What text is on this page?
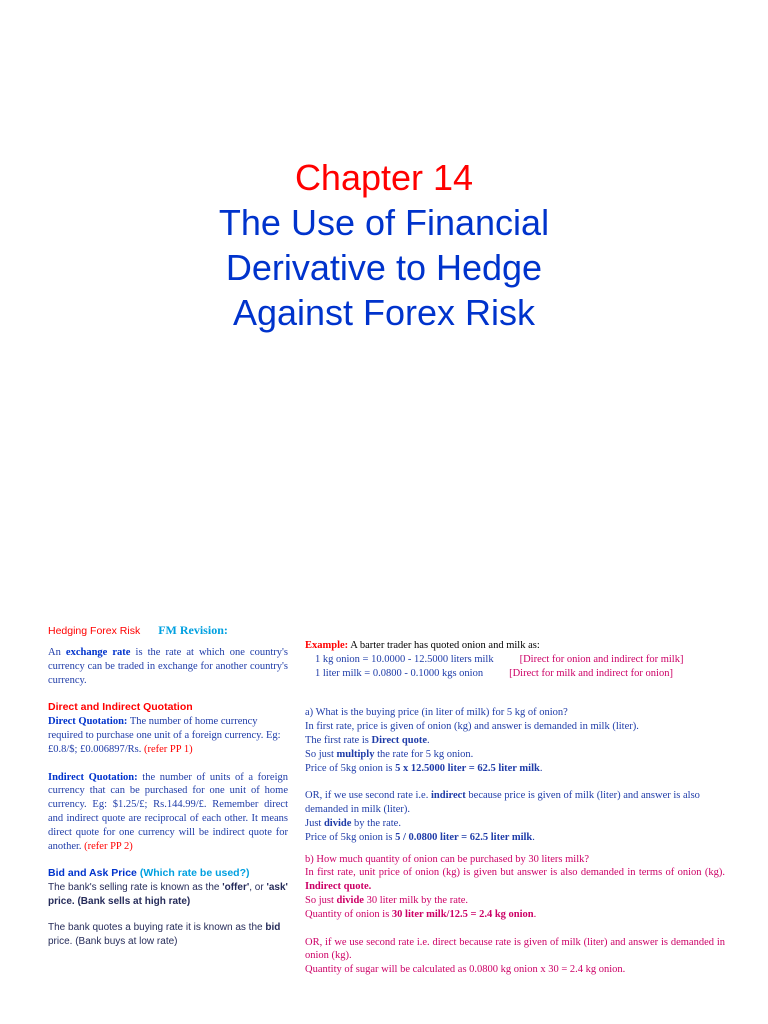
Chapter 14
The Use of Financial
Derivative to Hedge
Against Forex Risk
Hedging Forex Risk FM Revision:

An exchange rate is the rate at which one country's currency can be traded in exchange for another country's currency.

Direct and Indirect Quotation

Direct Quotation: The number of home currency required to purchase one unit of a foreign currency. Eg: £0.8/$; £0.006897/Rs. (refer PP 1)

Indirect Quotation: the number of units of a foreign currency that can be purchased for one unit of home currency. Eg: $1.25/£; Rs.144.99/£. Remember direct and indirect quote are reciprocal of each other. It means direct quote for one currency will be indirect quote for another. (refer PP 2)

Bid and Ask Price (Which rate be used?)

The bank's selling rate is known as the 'offer', or 'ask' price. (Bank sells at high rate)

The bank quotes a buying rate it is known as the bid price. (Bank buys at low rate)

Example: A barter trader has quoted onion and milk as:

1 kg onion = 10.0000 - 12.5000 liters milk [Direct for onion and indirect for milk]

1 liter milk = 0.0800 - 0.1000 kgs onion [Direct for milk and indirect for onion]

a) What is the buying price (in liter of milk) for 5 kg of onion?

In first rate, price is given of onion (kg) and answer is demanded in milk (liter).

The first rate is Direct quote.

So just multiply the rate for 5 kg onion.

Price of 5kg onion is 5 x 12.5000 liter = 62.5 liter milk.

OR, if we use second rate i.e. indirect because price is given of milk (liter) and answer is also demanded in milk (liter).

Just divide by the rate.

Price of 5kg onion is 5 / 0.0800 liter = 62.5 liter milk.

b) How much quantity of onion can be purchased by 30 liters milk?

In first rate, unit price of onion (kg) is given but answer is also demanded in terms of onion (kg). Indirect quote.

So just divide 30 liter milk by the rate.

Quantity of onion is 30 liter milk/12.5 = 2.4 kg onion.

OR, if we use second rate i.e. direct because rate is given of milk (liter) and answer is demanded in onion (kg).

Quantity of sugar will be calculated as 0.0800 kg onion x 30 = 2.4 kg onion.
